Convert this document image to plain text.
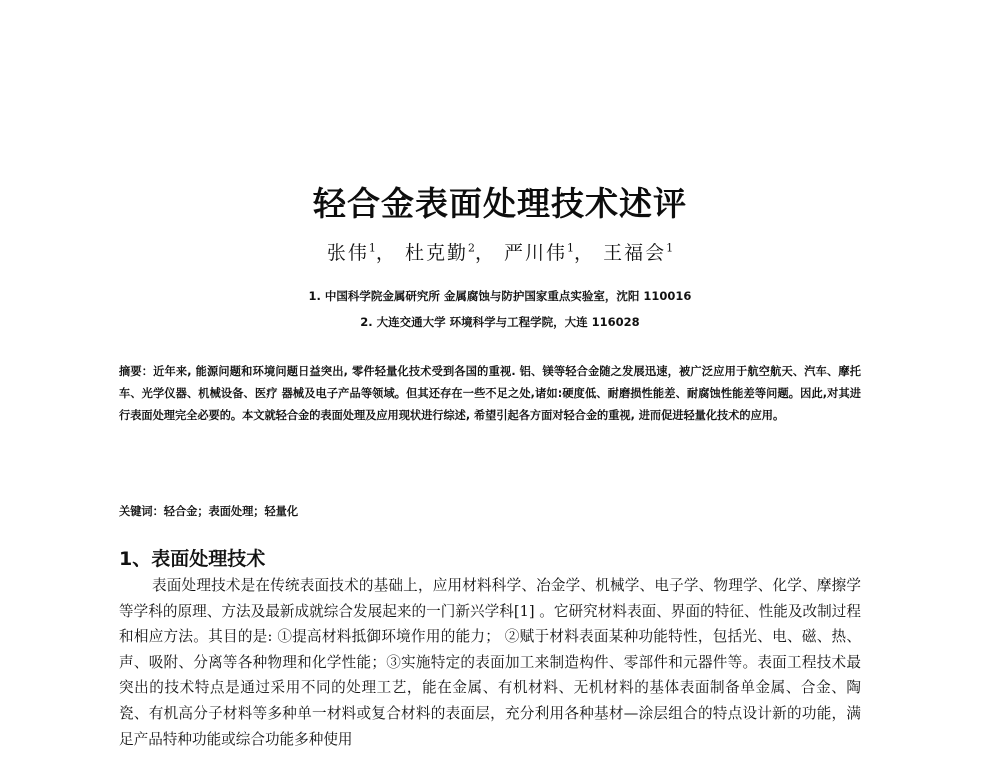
轻合金表面处理技术述评
张伟$^1$， 杜克勤$^2$， 严川伟$^1$， 王福会$^1$
1. 中国科学院金属研究所 金属腐蚀与防护国家重点实验室，沈阳 110016
2. 大连交通大学 环境科学与工程学院，大连 116028
摘要：近年来, 能源问题和环境问题日益突出, 零件轻量化技术受到各国的重视. 铝、镁等轻合金随之发展迅速，被广泛应用于航空航天、汽车、摩托车、光学仪器、机械设备、医疗 器械及电子产品等领域。但其还存在一些不足之处,诸如:硬度低、耐磨损性能差、耐腐蚀性能差等问题。因此,对其进行表面处理完全必要的。本文就轻合金的表面处理及应用现状进行综述, 希望引起各方面对轻合金的重视, 进而促进轻量化技术的应用。
关键词：轻合金；表面处理；轻量化
1、表面处理技术
表面处理技术是在传统表面技术的基础上，应用材料科学、冶金学、机械学、电子学、物理学、化学、摩擦学等学科的原理、方法及最新成就综合发展起来的一门新兴学科[1] 。它研究材料表面、界面的特征、性能及改制过程和相应方法。其目的是: ①提高材料抵御环境作用的能力； ②赋于材料表面某种功能特性，包括光、电、磁、热、声、吸附、分离等各种物理和化学性能；③实施特定的表面加工来制造构件、零部件和元器件等。表面工程技术最突出的技术特点是通过采用不同的处理工艺，能在金属、有机材料、无机材料的基体表面制备单金属、合金、陶瓷、有机高分子材料等多种单一材料或复合材料的表面层，充分利用各种基材—涂层组合的特点设计新的功能，满足产品特种功能或综合功能多种使用
